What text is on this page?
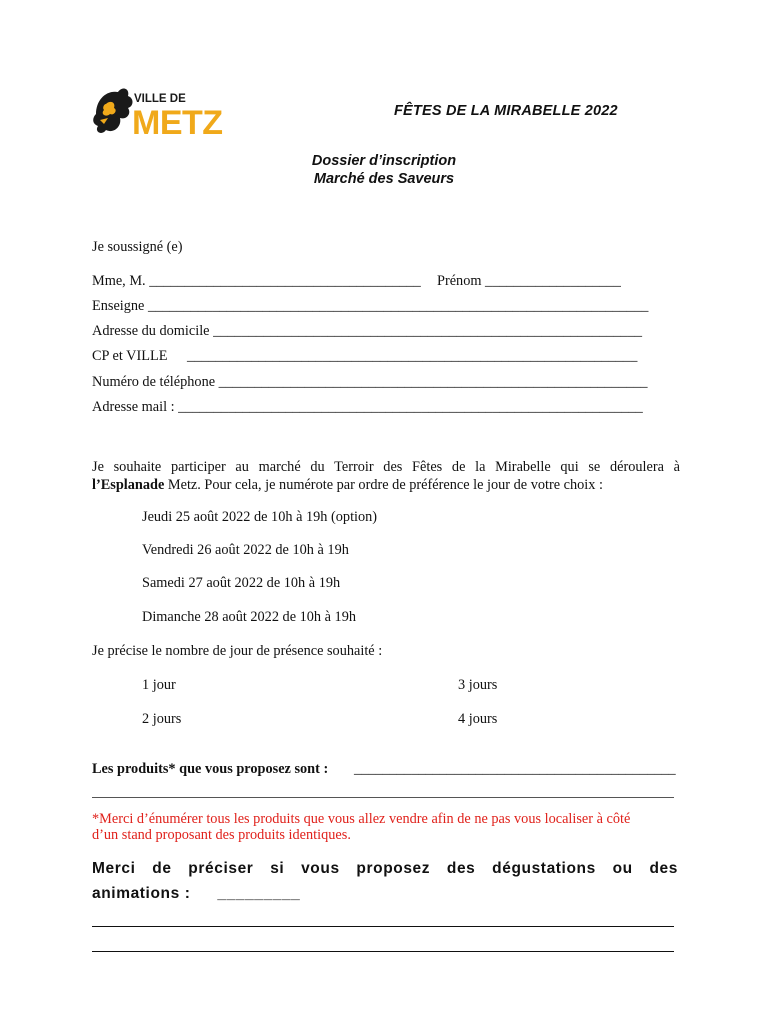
VILLE DE
METZ	FÊTES DE LA MIRABELLE 2022
Dossier d’inscription
Marché des Saveurs
Je soussigné (e)
Mme, M. ______________________________________ Prénom ___________________
Enseigne ______________________________________________________________________
Adresse du domicile ____________________________________________________________
CP et VILLE _______________________________________________________________
Numéro de téléphone ____________________________________________________________
Adresse mail : _________________________________________________________________
Je souhaite participer au marché du Terroir des Fêtes de la Mirabelle qui se déroulera à
l’Esplanade Metz. Pour cela, je numérote par ordre de préférence le jour de votre choix :
Jeudi 25 août 2022 de 10h à 19h (option)
Vendredi 26 août 2022 de 10h à 19h
Samedi 27 août 2022 de 10h à 19h
Dimanche 28 août 2022 de 10h à 19h
Je précise le nombre de jour de présence souhaité :
1 jour	3 jours
2 jours	4 jours
Les produits* que vous proposez sont : _____________________________________________
*Merci d’énumérer tous les produits que vous allez vendre afin de ne pas vous localiser à côté
d’un stand proposant des produits identiques.
Merci de préciser si vous proposez des dégustations ou des
animations : _________
